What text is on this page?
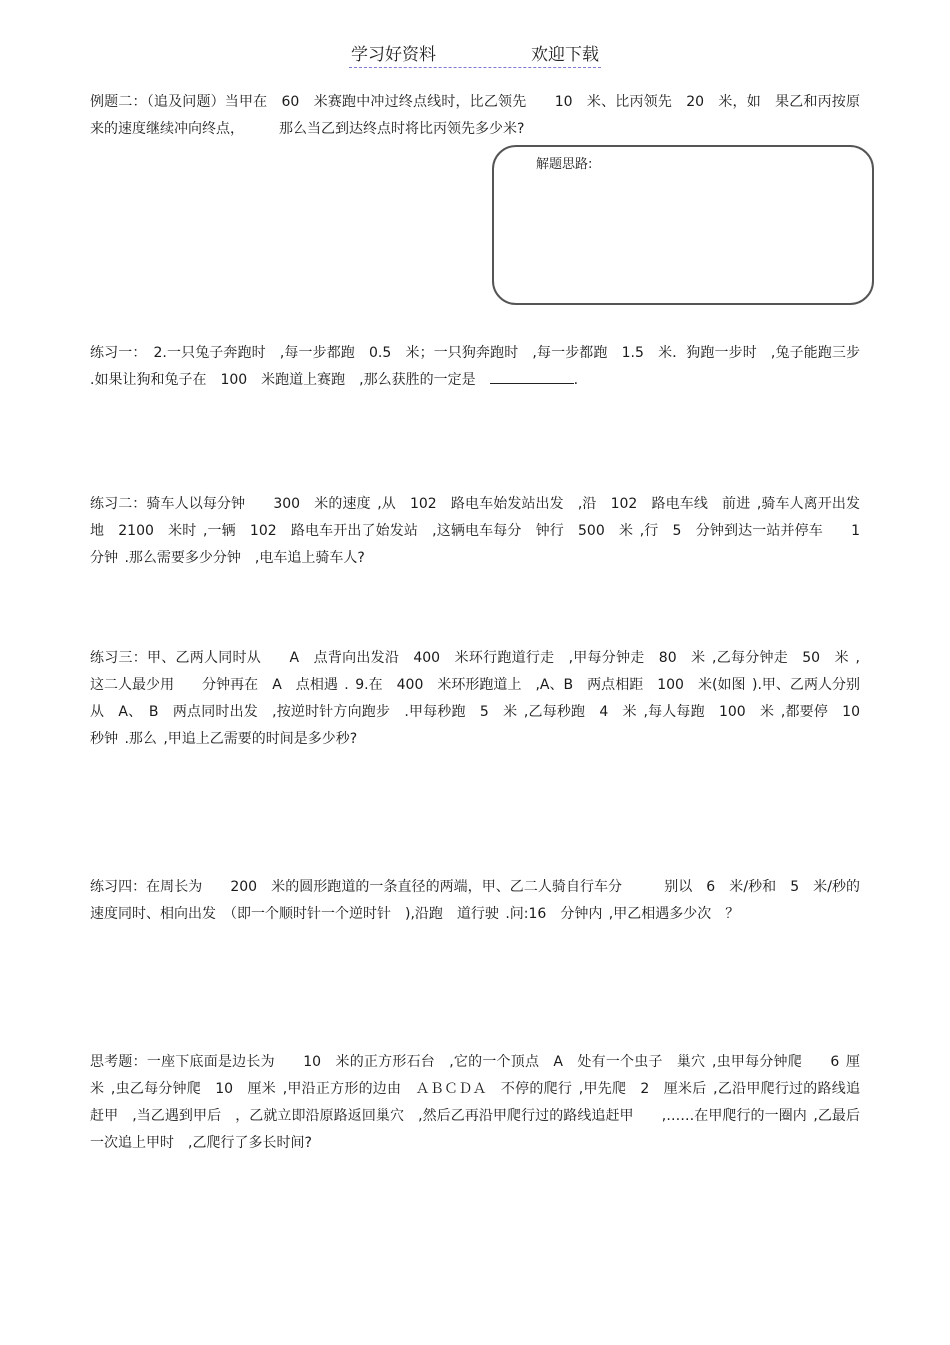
学习好资料	欢迎下载

例题二：（追及问题）当甲在　60　米赛跑中冲过终点线时，比乙领先　　10　米、比丙领先　20　米，如　果乙和丙按原来的速度继续冲向终点，　　　那么当乙到达终点时将比丙领先多少米?

解题思路:

练习一：　2.一只兔子奔跑时　,每一步都跑　0.5　米；一只狗奔跑时　,每一步都跑　1.5　米．狗跑一步时　,兔子能跑三步 .如果让狗和兔子在　100　米跑道上赛跑　,那么获胜的一定是　	.

练习二：骑车人以每分钟　　300　米的速度 ,从　102　路电车始发站出发　,沿　102　路电车线　前进 ,骑车人离开出发地　2100　米时 ,一辆　102　路电车开出了始发站　,这辆电车每分　钟行　500　米 ,行　5　分钟到达一站并停车　　1 分钟 .那么需要多少分钟　,电车追上骑车人?

练习三：甲、乙两人同时从　　A　点背向出发沿　400　米环行跑道行走　,甲每分钟走　80　米 ,乙每分钟走　50　米 , 这二人最少用　　分钟再在　A　点相遇 . 9.在　400　米环形跑道上　,A、B　两点相距　100　米(如图 ).甲、乙两人分别从　A、 B　两点同时出发　,按逆时针方向跑步　.甲每秒跑　5　米 ,乙每秒跑　4　米 ,每人每跑　100　米 ,都要停　10 秒钟 .那么 ,甲追上乙需要的时间是多少秒?

练习四：在周长为　　200　米的圆形跑道的一条直径的两端，甲、乙二人骑自行车分　　　别以　6　米/秒和　5　米/秒的速度同时、相向出发　（即一个顺时针一个逆时针　),沿跑　道行驶 .问:16　分钟内 ,甲乙相遇多少次　？

思考题：一座下底面是边长为　　10　米的正方形石台　,它的一个顶点　A　处有一个虫子　巢穴 ,虫甲每分钟爬　　6 厘米 ,虫乙每分钟爬　10　厘米 ,甲沿正方形的边由　ＡＢＣＤＡ　不停的爬行 ,甲先爬　2　厘米后 ,乙沿甲爬行过的路线追赶甲　,当乙遇到甲后　，乙就立即沿原路返回巢穴　,然后乙再沿甲爬行过的路线追赶甲　　,……在甲爬行的一圈内 ,乙最后一次追上甲时　,乙爬行了多长时间?
